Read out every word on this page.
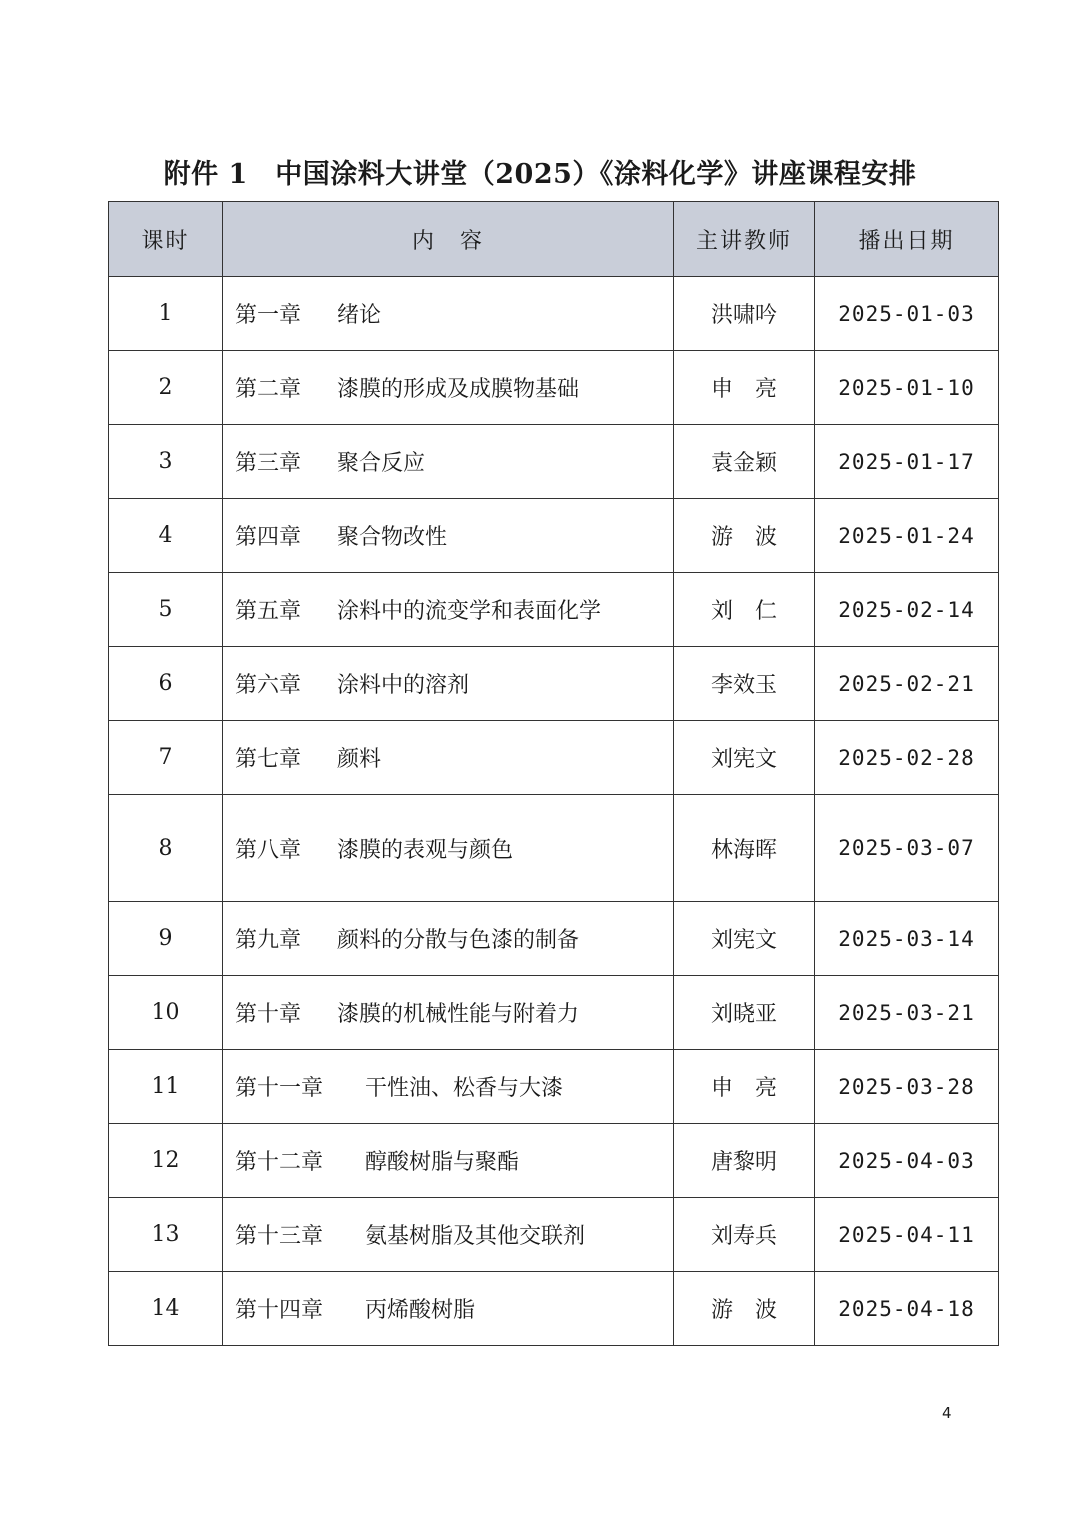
附件 1　中国涂料大讲堂（2025）《涂料化学》讲座课程安排
课时	内　容	主讲教师	播出日期
1	第一章 绪论	洪啸吟	2025-01-03
2	第二章 漆膜的形成及成膜物基础	申　亮	2025-01-10
3	第三章 聚合反应	袁金颖	2025-01-17
4	第四章 聚合物改性	游　波	2025-01-24
5	第五章 涂料中的流变学和表面化学	刘　仁	2025-02-14
6	第六章 涂料中的溶剂	李效玉	2025-02-21
7	第七章 颜料	刘宪文	2025-02-28
8	第八章 漆膜的表观与颜色	林海晖	2025-03-07
9	第九章 颜料的分散与色漆的制备	刘宪文	2025-03-14
10	第十章 漆膜的机械性能与附着力	刘晓亚	2025-03-21
11	第十一章 干性油、松香与大漆	申　亮	2025-03-28
12	第十二章 醇酸树脂与聚酯	唐黎明	2025-04-03
13	第十三章 氨基树脂及其他交联剂	刘寿兵	2025-04-11
14	第十四章 丙烯酸树脂	游　波	2025-04-18
4
